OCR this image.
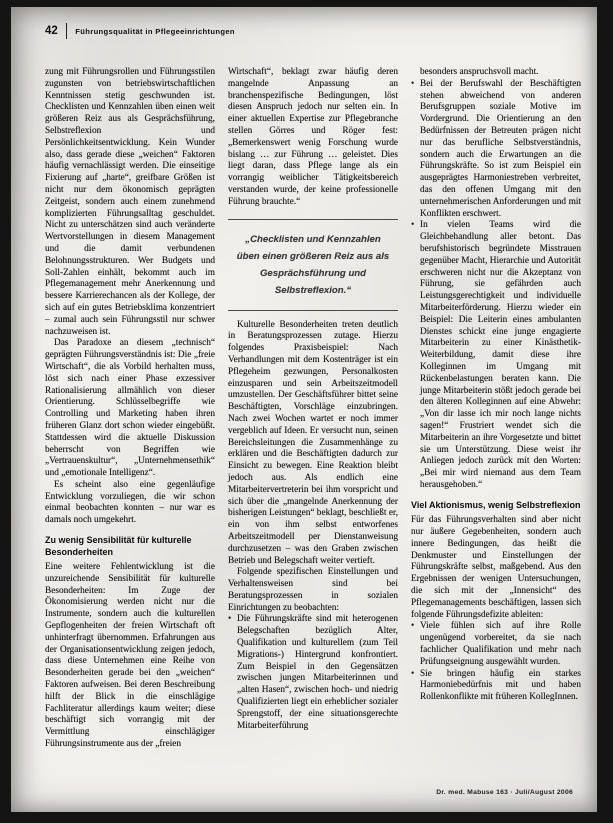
42 Führungsqualität in Pflegeeinrichtungen

zung mit Führungsrollen und Führungsstilen zugunsten von betriebswirtschaftlichen Kenntnissen stetig geschwunden ist. Checklisten und Kennzahlen üben einen weit größeren Reiz aus als Gesprächsführung, Selbstreflexion und Persönlichkeitsentwicklung. Kein Wunder also, dass gerade diese „weichen“ Faktoren häufig vernachlässigt werden. Die einseitige Fixierung auf „harte“, greifbare Größen ist nicht nur dem ökonomisch geprägten Zeitgeist, sondern auch einem zunehmend komplizierten Führungsalltag geschuldet. Nicht zu unterschätzen sind auch veränderte Wertvorstellungen in diesem Management und die damit verbundenen Belohnungsstrukturen. Wer Budgets und Soll-Zahlen einhält, bekommt auch im Pflegemanagement mehr Anerkennung und bessere Karrierechancen als der Kollege, der sich auf ein gutes Betriebsklima konzentriert – zumal auch sein Führungsstil nur schwer nachzuweisen ist.

Das Paradoxe an diesem „technisch“ geprägten Führungsverständnis ist: Die „freie Wirtschaft“, die als Vorbild herhalten muss, löst sich nach einer Phase exzessiver Rationalisierung allmählich von dieser Orientierung. Schlüsselbegriffe wie Controlling und Marketing haben ihren früheren Glanz dort schon wieder eingebüßt. Stattdessen wird die aktuelle Diskussion beherrscht von Begriffen wie „Vertrauenskultur“, „Unternehmensethik“ und „emotionale Intelligenz“.

Es scheint also eine gegenläufige Entwicklung vorzuliegen, die wir schon einmal beobachten konnten – nur war es damals noch umgekehrt.

Zu wenig Sensibilität für kulturelle Besonderheiten

Eine weitere Fehlentwicklung ist die unzureichende Sensibilität für kulturelle Besonderheiten: Im Zuge der Ökonomisierung werden nicht nur die Instrumente, sondern auch die kulturellen Gepflogenheiten der freien Wirtschaft oft unhinterfragt übernommen. Erfahrungen aus der Organisationsentwicklung zeigen jedoch, dass diese Unternehmen eine Reihe von Besonderheiten gerade bei den „weichen“ Faktoren aufweisen. Bei deren Beschreibung hilft der Blick in die einschlägige Fachliteratur allerdings kaum weiter; diese beschäftigt sich vorrangig mit der Vermittlung einschlägiger Führungsinstrumente aus der „freien

Wirtschaft“, beklagt zwar häufig deren mangelnde Anpassung an branchenspezifische Bedingungen, löst diesen Anspruch jedoch nur selten ein. In einer aktuellen Expertise zur Pflegebranche stellen Görres und Röger fest: „Bemerkenswert wenig Forschung wurde bislang … zur Führung … geleistet. Dies liegt daran, dass Pflege lange als ein vorrangig weiblicher Tätigkeitsbereich verstanden wurde, der keine professionelle Führung brauchte.“

„Checklisten und Kennzahlen üben einen größeren Reiz aus als Gesprächsführung und Selbstreflexion.“

Kulturelle Besonderheiten treten deutlich in Beratungsprozessen zutage. Hierzu folgendes Praxisbeispiel: Nach Verhandlungen mit dem Kostenträger ist ein Pflegeheim gezwungen, Personalkosten einzusparen und sein Arbeitszeitmodell umzustellen. Der Geschäftsführer bittet seine Beschäftigten, Vorschläge einzubringen. Nach zwei Wochen wartet er noch immer vergeblich auf Ideen. Er versucht nun, seinen Bereichsleitungen die Zusammenhänge zu erklären und die Beschäftigten dadurch zur Einsicht zu bewegen. Eine Reaktion bleibt jedoch aus. Als endlich eine Mitarbeitervertreterin bei ihm vorspricht und sich über die „mangelnde Anerkennung der bisherigen Leistungen“ beklagt, beschließt er, ein von ihm selbst entworfenes Arbeitszeitmodell per Dienstanweisung durchzusetzen – was den Graben zwischen Betrieb und Belegschaft weiter vertieft.

Folgende spezifischen Einstellungen und Verhaltensweisen sind bei Beratungsprozessen in sozialen Einrichtungen zu beobachten:

• Die Führungskräfte sind mit heterogenen Belegschaften bezüglich Alter, Qualifikation und kulturellem (zum Teil Migrations-) Hintergrund konfrontiert. Zum Beispiel in den Gegensätzen zwischen jungen Mitarbeiterinnen und „alten Hasen“, zwischen hoch- und niedrig Qualifizierten liegt ein erheblicher sozialer Sprengstoff, der eine situationsgerechte Mitarbeiterführung

besonders anspruchsvoll macht.

• Bei der Berufswahl der Beschäftigten stehen abweichend von anderen Berufsgruppen soziale Motive im Vordergrund. Die Orientierung an den Bedürfnissen der Betreuten prägen nicht nur das berufliche Selbstverständnis, sondern auch die Erwartungen an die Führungskräfte. So ist zum Beispiel ein ausgeprägtes Harmoniestreben verbreitet, das den offenen Umgang mit den unternehmerischen Anforderungen und mit Konflikten erschwert.
• In vielen Teams wird die Gleichbehandlung aller betont. Das berufshistorisch begründete Misstrauen gegenüber Macht, Hierarchie und Autorität erschweren nicht nur die Akzeptanz von Führung, sie gefährden auch Leistungsgerechtigkeit und individuelle Mitarbeiterförderung. Hierzu wieder ein Beispiel: Die Leiterin eines ambulanten Dienstes schickt eine junge engagierte Mitarbeiterin zu einer Kinästhetik-Weiterbildung, damit diese ihre Kolleginnen im Umgang mit Rückenbelastungen beraten kann. Die junge Mitarbeiterin stößt jedoch gerade bei den älteren Kolleginnen auf eine Abwehr: „Von dir lasse ich mir noch lange nichts sagen!“ Frustriert wendet sich die Mitarbeiterin an ihre Vorgesetzte und bittet sie um Unterstützung. Diese weist ihr Anliegen jedoch zurück mit den Worten: „Bei mir wird niemand aus dem Team herausgehoben.“
Viel Aktionismus, wenig Selbstreflexion

Für das Führungsverhalten sind aber nicht nur äußere Gegebenheiten, sondern auch innere Bedingungen, das heißt die Denkmuster und Einstellungen der Führungskräfte selbst, maßgebend. Aus den Ergebnissen der wenigen Untersuchungen, die sich mit der „Innensicht“ des Pflegemanagements beschäftigen, lassen sich folgende Führungsdefizite ableiten:

• Viele fühlen sich auf ihre Rolle ungenügend vorbereitet, da sie nach fachlicher Qualifikation und mehr nach Prüfungseignung ausgewählt wurden.
• Sie bringen häufig ein starkes Harmoniebedürfnis mit und haben Rollenkonflikte mit früheren KollegInnen.
Dr. med. Mabuse 163 · Juli/August 2006
